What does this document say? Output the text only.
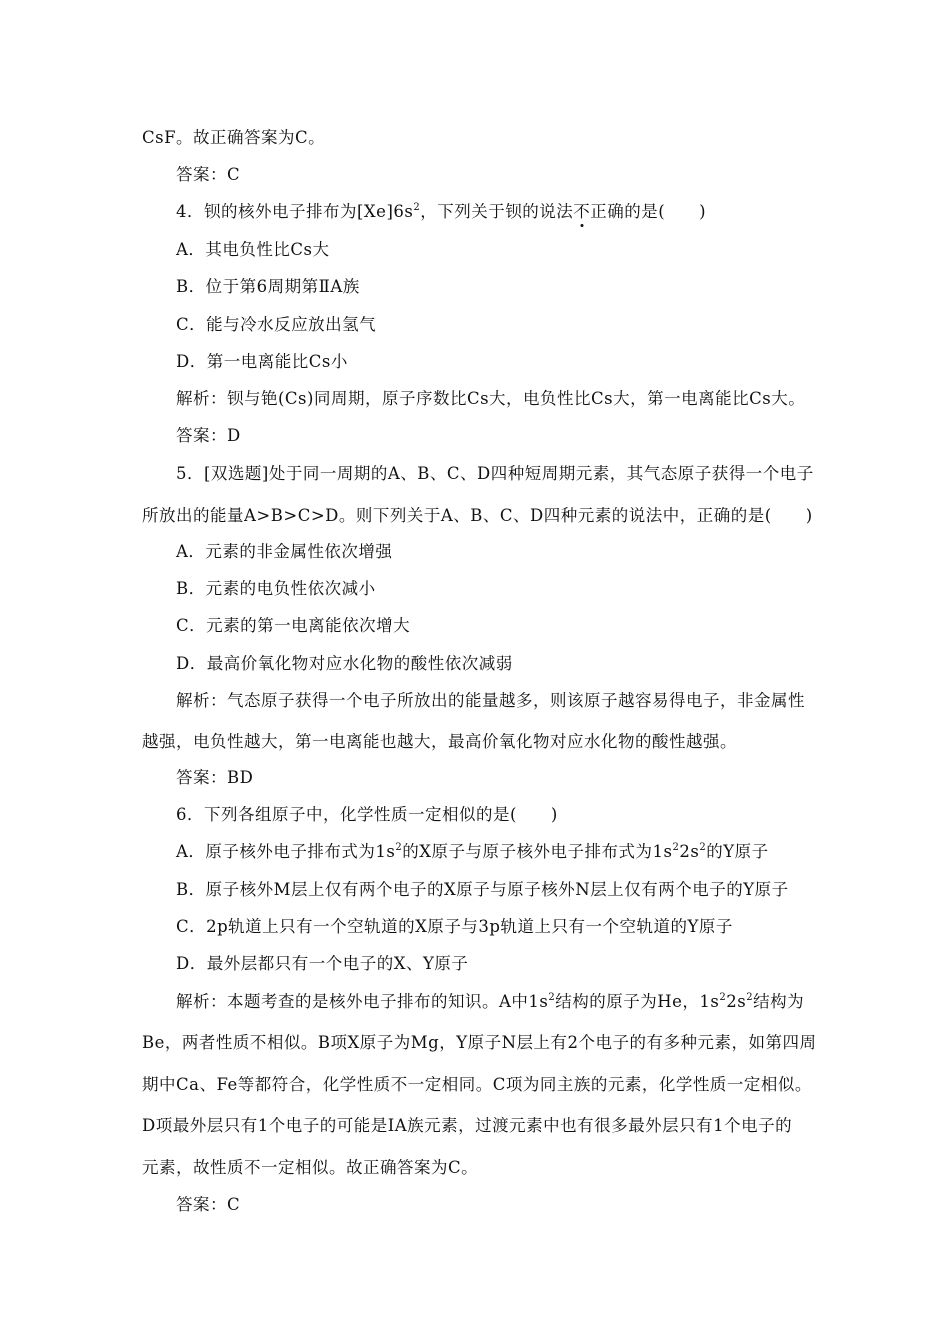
CsF。故正确答案为C。
答案：C
4．钡的核外电子排布为$[Xe]6s^2$，下列关于钡的说法不正确的是(　　)
A．其电负性比Cs大
B．位于第6周期第ⅡA族
C．能与冷水反应放出氢气
D．第一电离能比Cs小
解析：钡与铯(Cs)同周期，原子序数比Cs大，电负性比Cs大，第一电离能比Cs大。
答案：D
5．[双选题]处于同一周期的A、B、C、D四种短周期元素，其气态原子获得一个电子
所放出的能量A>B>C>D。则下列关于A、B、C、D四种元素的说法中，正确的是(　　)
A．元素的非金属性依次增强
B．元素的电负性依次减小
C．元素的第一电离能依次增大
D．最高价氧化物对应水化物的酸性依次减弱
解析：气态原子获得一个电子所放出的能量越多，则该原子越容易得电子，非金属性
越强，电负性越大，第一电离能也越大，最高价氧化物对应水化物的酸性越强。
答案：BD
6．下列各组原子中，化学性质一定相似的是(　　)
A．原子核外电子排布式为$1s^2$的X原子与原子核外电子排布式为$1s^22s^2$的Y原子
B．原子核外M层上仅有两个电子的X原子与原子核外N层上仅有两个电子的Y原子
C．2p轨道上只有一个空轨道的X原子与3p轨道上只有一个空轨道的Y原子
D．最外层都只有一个电子的X、Y原子
解析：本题考查的是核外电子排布的知识。A中$1s^2$结构的原子为He，$1s^22s^2$结构为
Be，两者性质不相似。B项X原子为Mg，Y原子N层上有2个电子的有多种元素，如第四周
期中Ca、Fe等都符合，化学性质不一定相同。C项为同主族的元素，化学性质一定相似。
D项最外层只有1个电子的可能是ⅠA族元素，过渡元素中也有很多最外层只有1个电子的
元素，故性质不一定相似。故正确答案为C。
答案：C
